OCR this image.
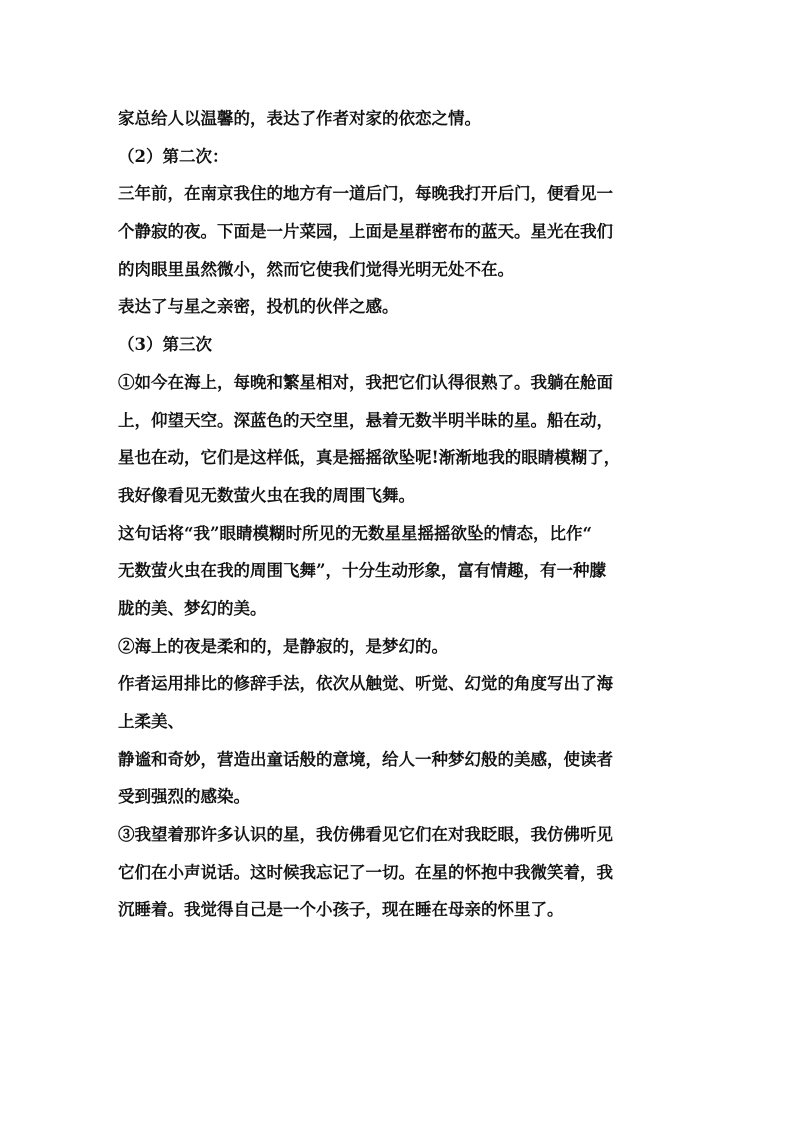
家总给人以温馨的，表达了作者对家的依恋之情。
（2）第二次：
三年前，在南京我住的地方有一道后门，每晚我打开后门，便看见一
个静寂的夜。下面是一片菜园，上面是星群密布的蓝天。星光在我们
的肉眼里虽然微小，然而它使我们觉得光明无处不在。
表达了与星之亲密，投机的伙伴之感。
（3）第三次
①如今在海上，每晚和繁星相对，我把它们认得很熟了。我躺在舱面
上，仰望天空。深蓝色的天空里，悬着无数半明半昧的星。船在动，
星也在动，它们是这样低，真是摇摇欲坠呢!渐渐地我的眼睛模糊了，
我好像看见无数萤火虫在我的周围飞舞。
这句话将“我”眼睛模糊时所见的无数星星摇摇欲坠的情态，比作“
无数萤火虫在我的周围飞舞”，十分生动形象，富有情趣，有一种朦
胧的美、梦幻的美。
②海上的夜是柔和的，是静寂的，是梦幻的。
作者运用排比的修辞手法，依次从触觉、听觉、幻觉的角度写出了海
上柔美、
静谧和奇妙，营造出童话般的意境，给人一种梦幻般的美感，使读者
受到强烈的感染。
③我望着那许多认识的星，我仿佛看见它们在对我眨眼，我仿佛听见
它们在小声说话。这时候我忘记了一切。在星的怀抱中我微笑着，我
沉睡着。我觉得自己是一个小孩子，现在睡在母亲的怀里了。
